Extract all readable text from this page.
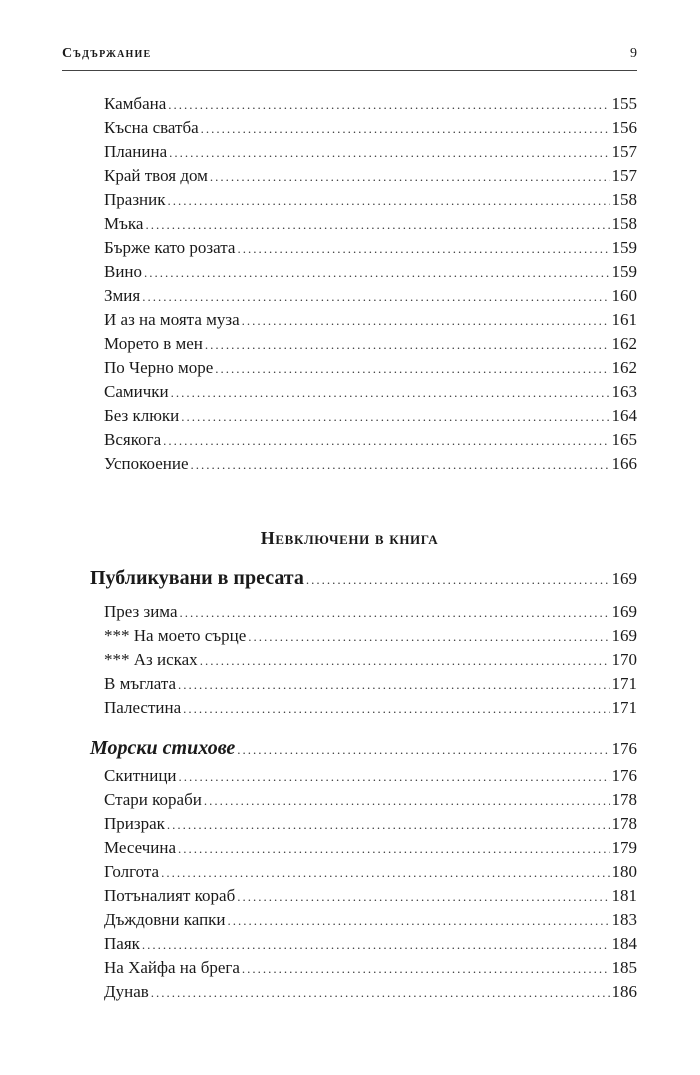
Съдържание	9
Камбана .....	155
Късна сватба .....	156
Планина .....	157
Край твоя дом .....	157
Празник .....	158
Мъка .....	158
Бърже като розата .....	159
Вино .....	159
Змия .....	160
И аз на моята муза .....	161
Морето в мен .....	162
По Черно море .....	162
Самички .....	163
Без клюки .....	164
Всякога .....	165
Успокоение .....	166
Невключени в книга
Публикувани в пресата .....	169
През зима .....	169
*** На моето сърце .....	169
*** Аз исках .....	170
В мъглата .....	171
Палестина .....	171
Морски стихове .....	176
Скитници .....	176
Стари кораби .....	178
Призрак .....	178
Месечина .....	179
Голгота .....	180
Потъналият кораб .....	181
Дъждовни капки .....	183
Паяк .....	184
На Хайфа на брега .....	185
Дунав .....	186
